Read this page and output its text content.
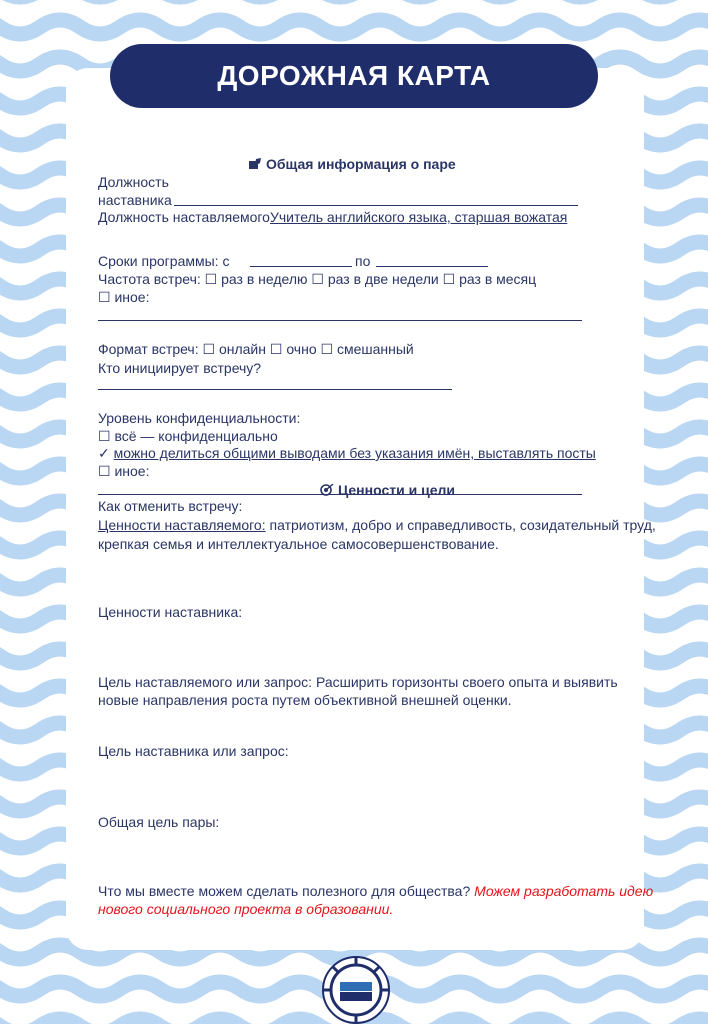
ДОРОЖНАЯ КАРТА
Общая информация о паре
Должность
наставника
Должность наставляемогоУчитель английского языка, старшая вожатая
Сроки программы: с	по
Частота встреч: ☐ раз в неделю ☐ раз в две недели ☐ раз в месяц
☐ иное:
Формат встреч: ☐ онлайн ☐ очно ☐ смешанный
Кто инициирует встречу?
Уровень конфиденциальности:
☐ всё — конфиденциально
✓ можно делиться общими выводами без указания имён, выставлять посты
☐ иное:
Ценности и цели
Как отменить встречу:
Ценности наставляемого: патриотизм, добро и справедливость, созидательный труд,
крепкая семья и интеллектуальное самосовершенствование.
Ценности наставника:
Цель наставляемого или запрос: Расширить горизонты своего опыта и выявить
новые направления роста путем объективной внешней оценки.
Цель наставника или запрос:
Общая цель пары:
Что мы вместе можем сделать полезного для общества? Можем разработать идею
нового социального проекта в образовании.
